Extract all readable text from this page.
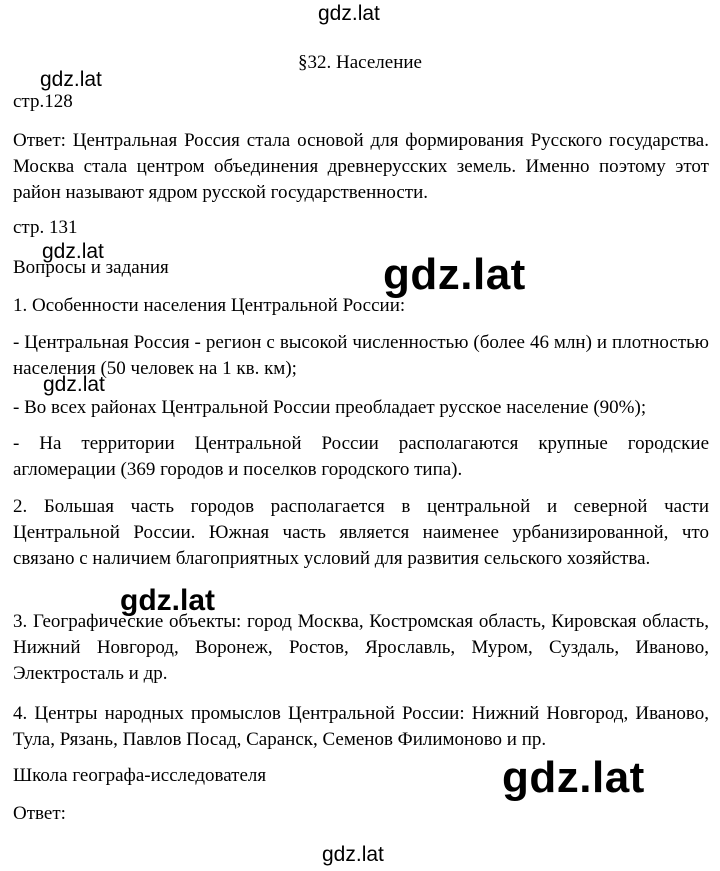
§32. Население

стр.128

Ответ: Центральная Россия стала основой для формирования Русского государства. Москва стала центром объединения древнерусских земель. Именно поэтому этот район называют ядром русской государственности.

стр. 131

Вопросы и задания

1. Особенности населения Центральной России:

- Центральная Россия - регион с высокой численностью (более 46 млн) и плотностью населения (50 человек на 1 кв. км);

- Во всех районах Центральной России преобладает русское население (90%);

- На территории Центральной России располагаются крупные городские агломерации (369 городов и поселков городского типа).

2. Большая часть городов располагается в центральной и северной части Центральной России. Южная часть является наименее урбанизированной, что связано с наличием благоприятных условий для развития сельского хозяйства.

3. Географические объекты: город Москва, Костромская область, Кировская область, Нижний Новгород, Воронеж, Ростов, Ярославль, Муром, Суздаль, Иваново, Электросталь и др.

4. Центры народных промыслов Центральной России: Нижний Новгород, Иваново, Тула, Рязань, Павлов Посад, Саранск, Семенов Филимоново и пр.

Школа географа-исследователя

Ответ:

gdz.lat
gdz.lat
gdz.lat	gdz.lat
gdz.lat
gdz.lat
gdz.lat
gdz.lat
